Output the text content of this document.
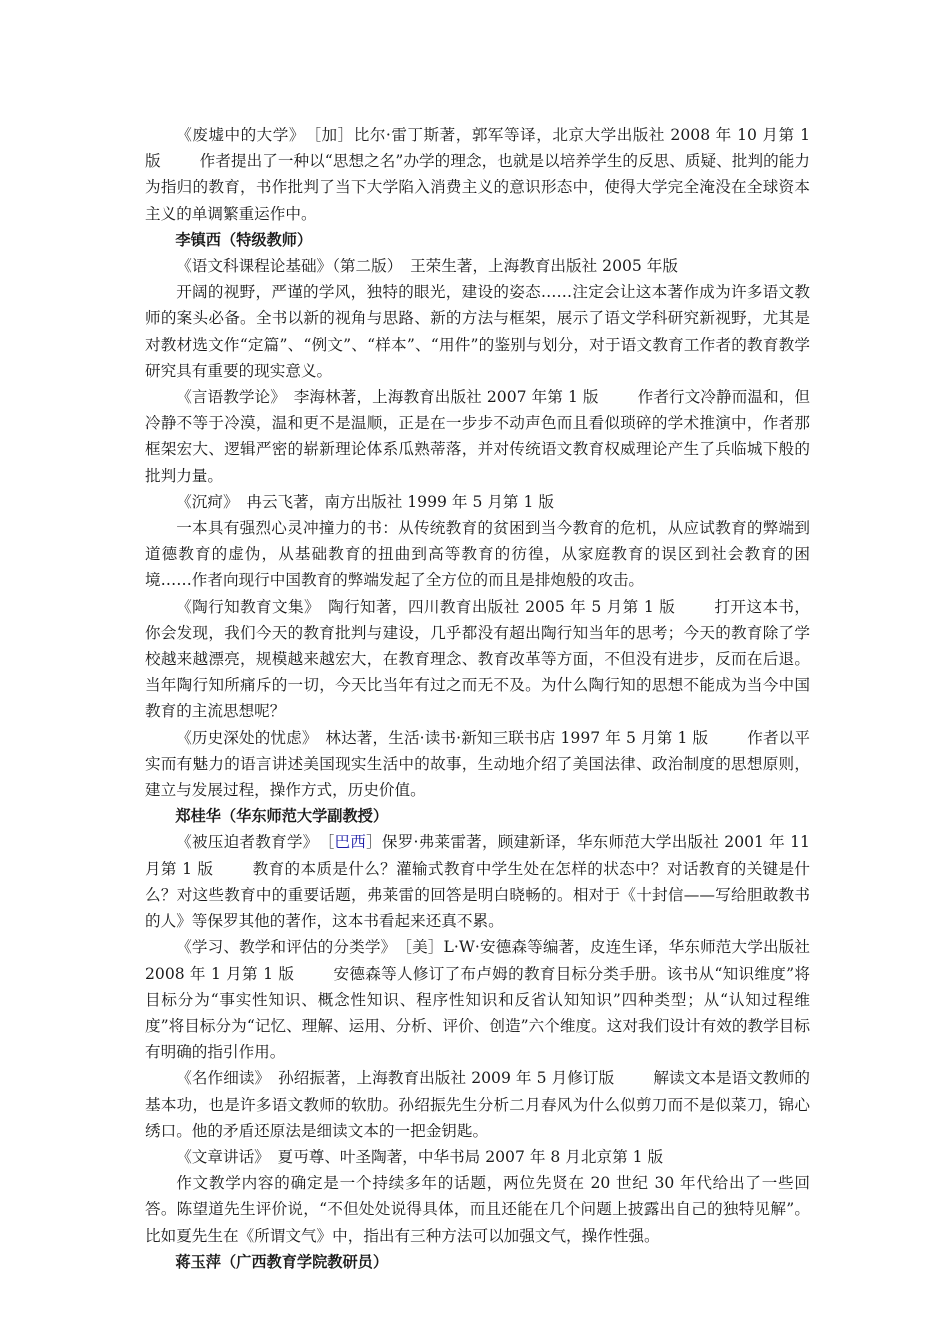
《废墟中的大学》　［加］比尔·雷丁斯著，郭军等译，北京大学出版社 2008 年 10 月第 1 版	作者提出了一种以“思想之名”办学的理念，也就是以培养学生的反思、质疑、批判的能力为指归的教育，书作批判了当下大学陷入消费主义的意识形态中，使得大学完全淹没在全球资本主义的单调繁重运作中。

李镇西（特级教师）

《语文科课程论基础》（第二版）　王荣生著，上海教育出版社 2005 年版

开阔的视野，严谨的学风，独特的眼光，建设的姿态……注定会让这本著作成为许多语文教师的案头必备。全书以新的视角与思路、新的方法与框架，展示了语文学科研究新视野，尤其是对教材选文作“定篇”、“例文”、“样本”、“用件”的鉴别与划分，对于语文教育工作者的教育教学研究具有重要的现实意义。

《言语教学论》　李海林著，上海教育出版社 2007 年第 1 版	作者行文冷静而温和，但冷静不等于冷漠，温和更不是温顺，正是在一步步不动声色而且看似琐碎的学术推演中，作者那框架宏大、逻辑严密的崭新理论体系瓜熟蒂落，并对传统语文教育权威理论产生了兵临城下般的批判力量。

《沉疴》　冉云飞著，南方出版社 1999 年 5 月第 1 版

一本具有强烈心灵冲撞力的书：从传统教育的贫困到当今教育的危机，从应试教育的弊端到道德教育的虚伪，从基础教育的扭曲到高等教育的彷徨，从家庭教育的误区到社会教育的困境……作者向现行中国教育的弊端发起了全方位的而且是排炮般的攻击。

《陶行知教育文集》　陶行知著，四川教育出版社 2005 年 5 月第 1 版	打开这本书，你会发现，我们今天的教育批判与建设，几乎都没有超出陶行知当年的思考；今天的教育除了学校越来越漂亮，规模越来越宏大，在教育理念、教育改革等方面，不但没有进步，反而在后退。当年陶行知所痛斥的一切，今天比当年有过之而无不及。为什么陶行知的思想不能成为当今中国教育的主流思想呢？

《历史深处的忧虑》　林达著，生活·读书·新知三联书店 1997 年 5 月第 1 版	作者以平实而有魅力的语言讲述美国现实生活中的故事，生动地介绍了美国法律、政治制度的思想原则，建立与发展过程，操作方式，历史价值。

郑桂华（华东师范大学副教授）

《被压迫者教育学》　［巴西］保罗·弗莱雷著，顾建新译，华东师范大学出版社 2001 年 11 月第 1 版	教育的本质是什么？灌输式教育中学生处在怎样的状态中？对话教育的关键是什么？对这些教育中的重要话题，弗莱雷的回答是明白晓畅的。相对于《十封信——写给胆敢教书的人》等保罗其他的著作，这本书看起来还真不累。

《学习、教学和评估的分类学》　［美］L·W·安德森等编著，皮连生译，华东师范大学出版社 2008 年 1 月第 1 版	安德森等人修订了布卢姆的教育目标分类手册。该书从“知识维度”将目标分为“事实性知识、概念性知识、程序性知识和反省认知知识”四种类型；从“认知过程维度”将目标分为“记忆、理解、运用、分析、评价、创造”六个维度。这对我们设计有效的教学目标有明确的指引作用。

《名作细读》　孙绍振著，上海教育出版社 2009 年 5 月修订版	解读文本是语文教师的基本功，也是许多语文教师的软肋。孙绍振先生分析二月春风为什么似剪刀而不是似菜刀，锦心绣口。他的矛盾还原法是细读文本的一把金钥匙。

《文章讲话》　夏丏尊、叶圣陶著，中华书局 2007 年 8 月北京第 1 版

作文教学内容的确定是一个持续多年的话题，两位先贤在 20 世纪 30 年代给出了一些回答。陈望道先生评价说，“不但处处说得具体，而且还能在几个问题上披露出自己的独特见解”。比如夏先生在《所谓文气》中，指出有三种方法可以加强文气，操作性强。

蒋玉萍（广西教育学院教研员）
